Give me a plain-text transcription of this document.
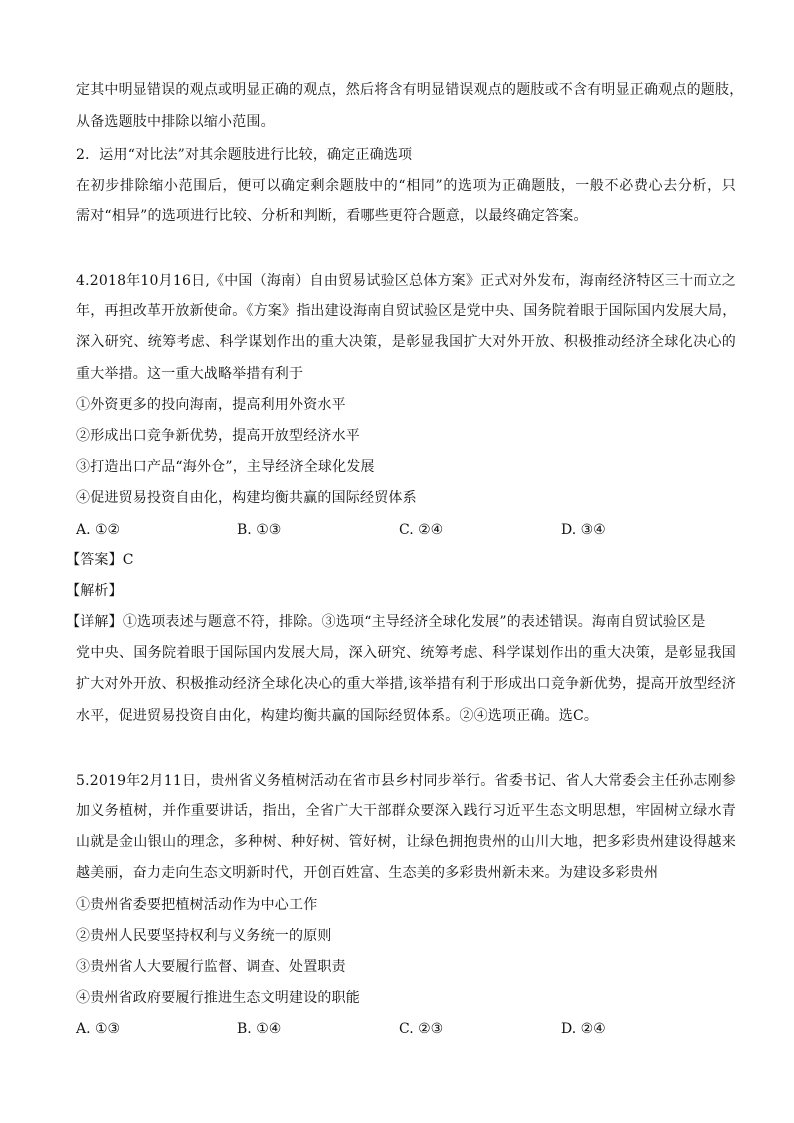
定其中明显错误的观点或明显正确的观点，然后将含有明显错误观点的题肢或不含有明显正确观点的题肢，
从备选题肢中排除以缩小范围。
2．运用“对比法”对其余题肢进行比较，确定正确选项
在初步排除缩小范围后，便可以确定剩余题肢中的“相同”的选项为正确题肢，一般不必费心去分析，只
需对“相异”的选项进行比较、分析和判断，看哪些更符合题意，以最终确定答案。
4.2018年10月16日,《中国（海南）自由贸易试验区总体方案》正式对外发布，海南经济特区三十而立之
年，再担改革开放新使命。《方案》指出建设海南自贸试验区是党中央、国务院着眼于国际国内发展大局，
深入研究、统筹考虑、科学谋划作出的重大决策，是彰显我国扩大对外开放、积极推动经济全球化决心的
重大举措。这一重大战略举措有利于
①外资更多的投向海南，提高利用外资水平
②形成出口竞争新优势，提高开放型经济水平
③打造出口产品“海外仓”，主导经济全球化发展
④促进贸易投资自由化，构建均衡共赢的国际经贸体系
A. ①②	B. ①③	C. ②④	D. ③④
【答案】C
【解析】
【详解】①选项表述与题意不符，排除。③选项“主导经济全球化发展”的表述错误。海南自贸试验区是
党中央、国务院着眼于国际国内发展大局，深入研究、统筹考虑、科学谋划作出的重大决策，是彰显我国
扩大对外开放、积极推动经济全球化决心的重大举措,该举措有利于形成出口竞争新优势，提高开放型经济
水平，促进贸易投资自由化，构建均衡共赢的国际经贸体系。②④选项正确。选C。
5.2019年2月11日，贵州省义务植树活动在省市县乡村同步举行。省委书记、省人大常委会主任孙志刚参
加义务植树，并作重要讲话，指出，全省广大干部群众要深入践行习近平生态文明思想，牢固树立绿水青
山就是金山银山的理念，多种树、种好树、管好树，让绿色拥抱贵州的山川大地，把多彩贵州建设得越来
越美丽，奋力走向生态文明新时代，开创百姓富、生态美的多彩贵州新未来。为建设多彩贵州
①贵州省委要把植树活动作为中心工作
②贵州人民要坚持权利与义务统一的原则
③贵州省人大要履行监督、调查、处置职责
④贵州省政府要履行推进生态文明建设的职能
A. ①③	B. ①④	C. ②③	D. ②④
